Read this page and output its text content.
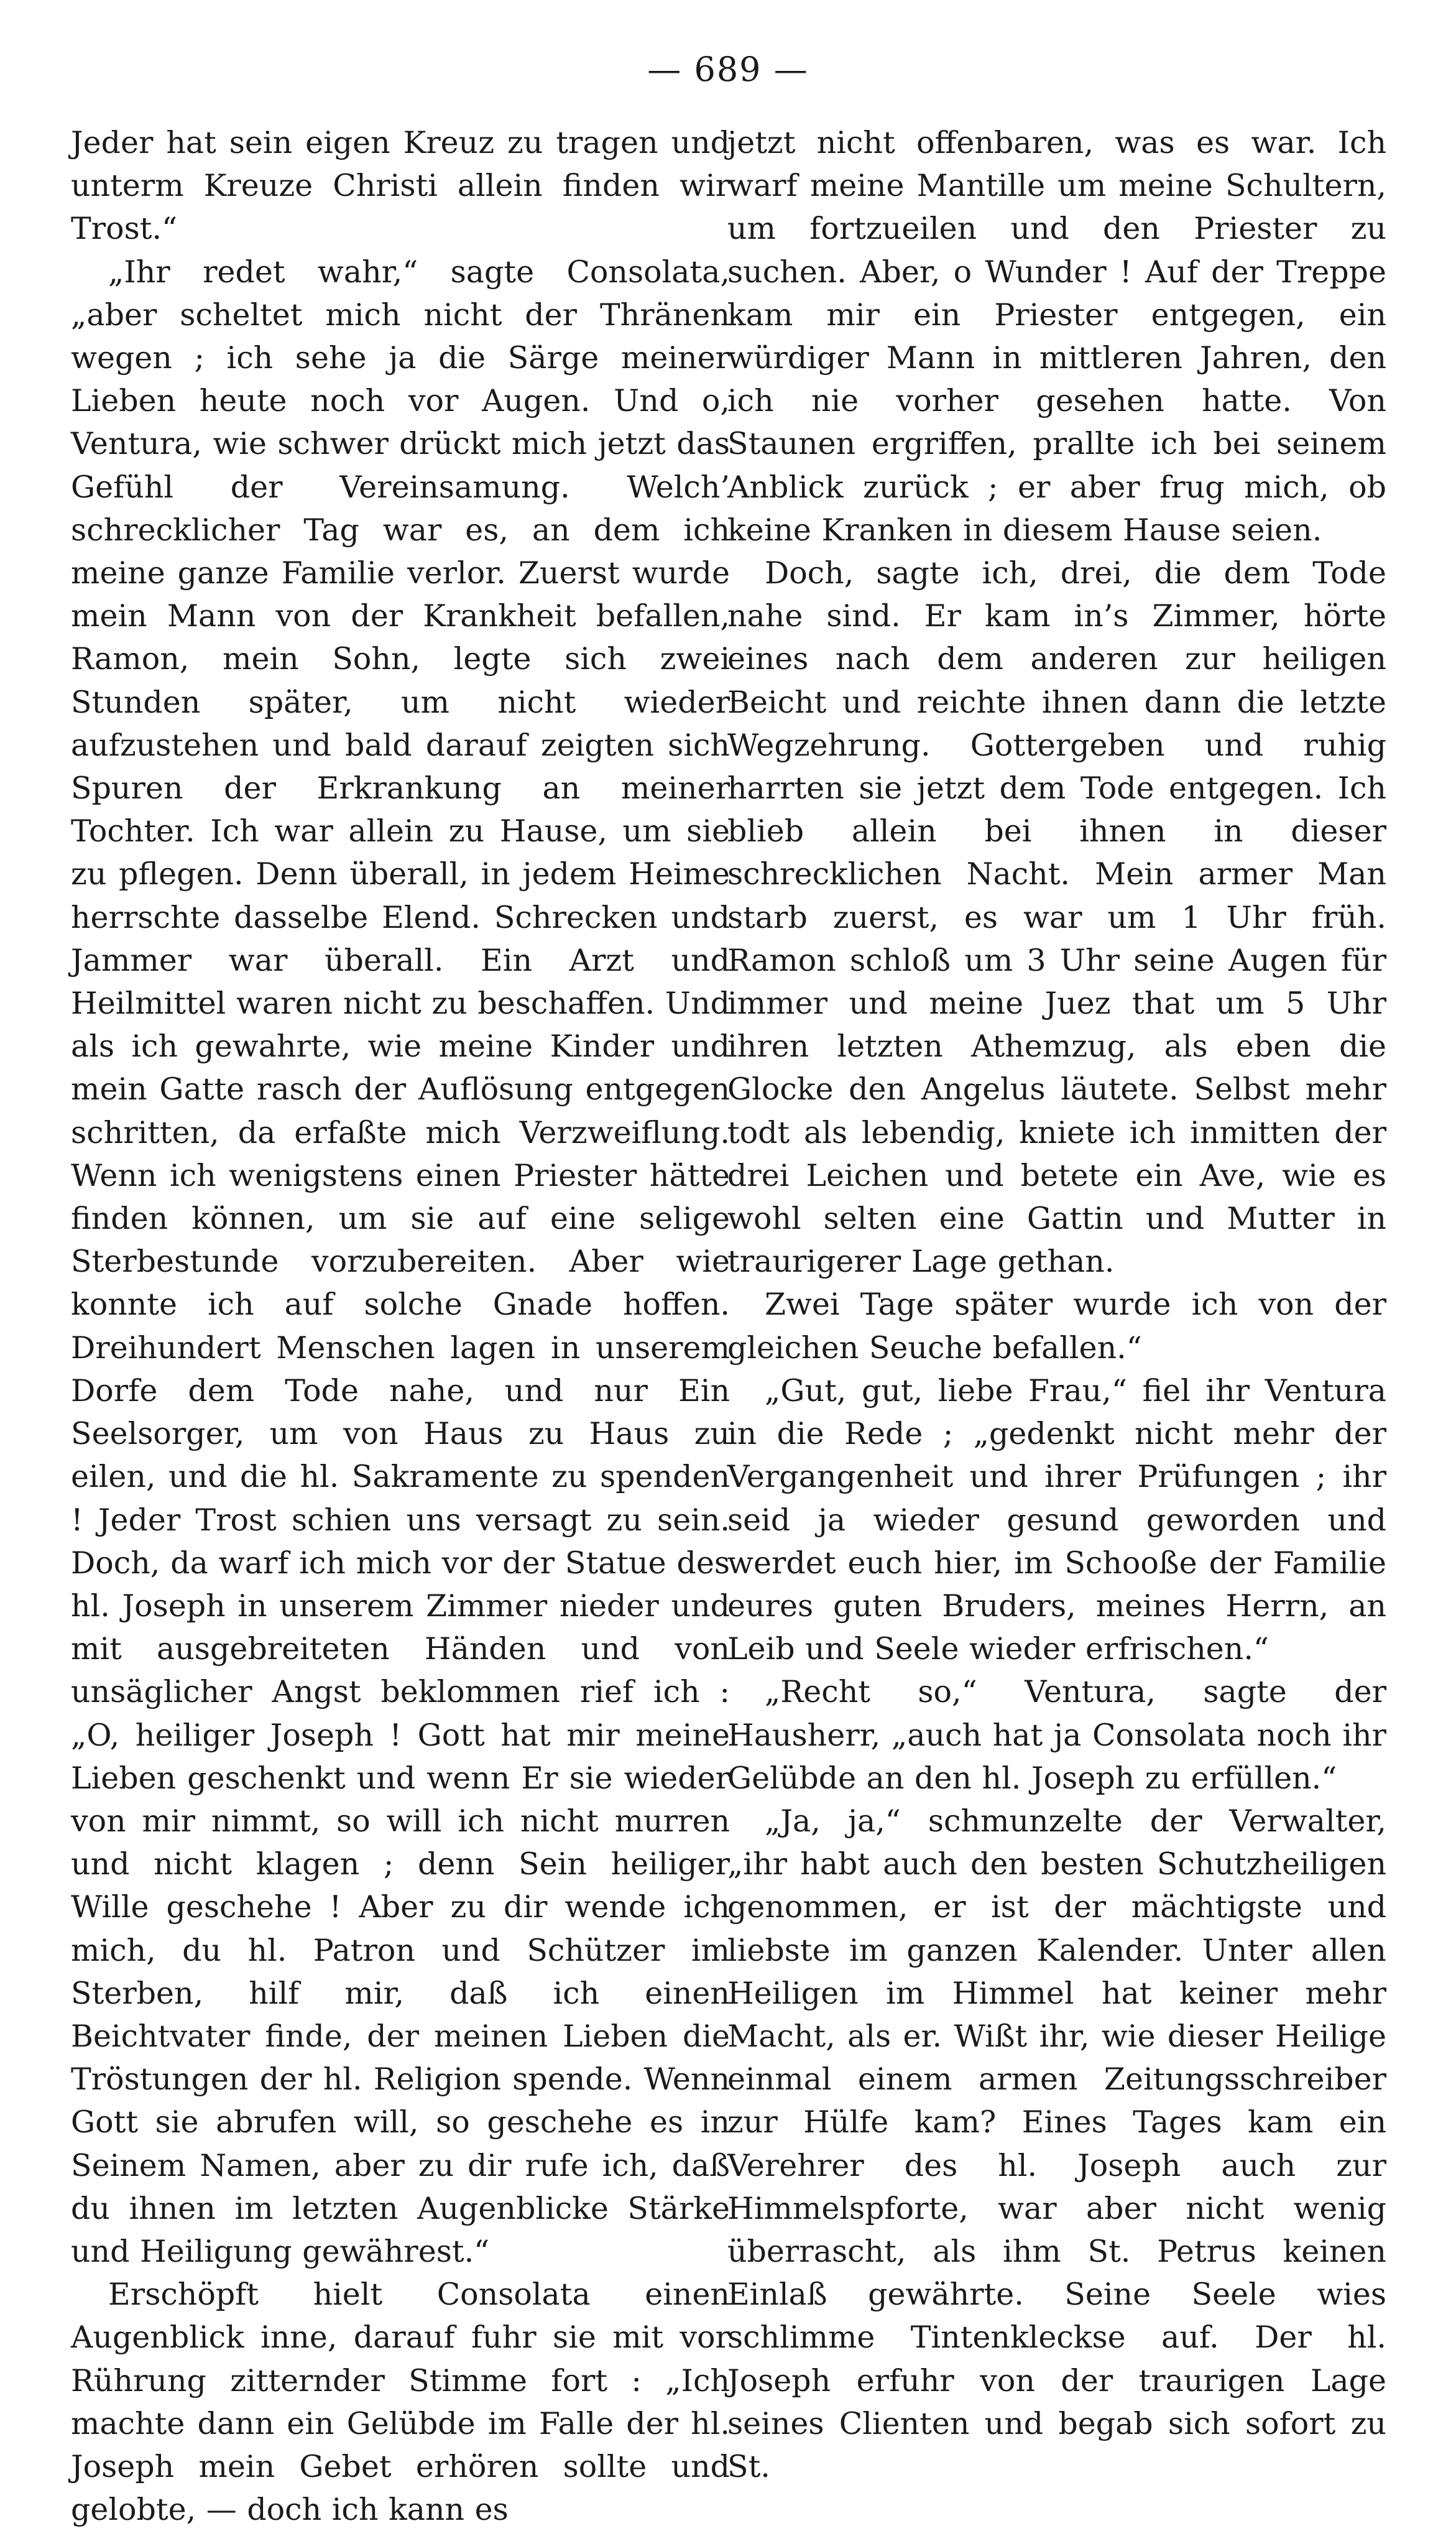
— 689 —

Jeder hat sein eigen Kreuz zu tragen und unterm Kreuze Christi allein finden wir Trost.“

„Ihr redet wahr,“ sagte Consolata, „aber scheltet mich nicht der Thränen wegen ; ich sehe ja die Särge meiner Lieben heute noch vor Augen. Und o, Ventura, wie schwer drückt mich jetzt das Gefühl der Vereinsamung. Welch’ schrecklicher Tag war es, an dem ich meine ganze Familie verlor. Zuerst wurde mein Mann von der Krankheit befallen, Ramon, mein Sohn, legte sich zwei Stunden später, um nicht wieder aufzustehen und bald darauf zeigten sich Spuren der Erkrankung an meiner Tochter. Ich war allein zu Hause, um sie zu pflegen. Denn überall, in jedem Heime herrschte dasselbe Elend. Schrecken und Jammer war überall. Ein Arzt und Heilmittel waren nicht zu beschaffen. Und als ich gewahrte, wie meine Kinder und mein Gatte rasch der Auflösung entgegen schritten, da erfaßte mich Verzweiflung. Wenn ich wenigstens einen Priester hätte finden können, um sie auf eine selige Sterbestunde vorzubereiten. Aber wie konnte ich auf solche Gnade hoffen. Dreihundert Menschen lagen in unserem Dorfe dem Tode nahe, und nur Ein Seelsorger, um von Haus zu Haus zu eilen, und die hl. Sakramente zu spenden ! Jeder Trost schien uns versagt zu sein. Doch, da warf ich mich vor der Statue des hl. Joseph in unserem Zimmer nieder und mit ausgebreiteten Händen und von unsäglicher Angst beklommen rief ich : „O, heiliger Joseph ! Gott hat mir meine Lieben geschenkt und wenn Er sie wieder von mir nimmt, so will ich nicht murren und nicht klagen ; denn Sein heiliger Wille geschehe ! Aber zu dir wende ich mich, du hl. Patron und Schützer im Sterben, hilf mir, daß ich einen Beichtvater finde, der meinen Lieben die Tröstungen der hl. Religion spende. Wenn Gott sie abrufen will, so geschehe es in Seinem Namen, aber zu dir rufe ich, daß du ihnen im letzten Augenblicke Stärke und Heiligung gewährest.“

Erschöpft hielt Consolata einen Augenblick inne, darauf fuhr sie mit vor Rührung zitternder Stimme fort : „Ich machte dann ein Gelübde im Falle der hl. Joseph mein Gebet erhören sollte und gelobte, — doch ich kann es

jetzt nicht offenbaren, was es war. Ich warf meine Mantille um meine Schultern, um fortzueilen und den Priester zu suchen. Aber, o Wunder ! Auf der Treppe kam mir ein Priester entgegen, ein würdiger Mann in mittleren Jahren, den ich nie vorher gesehen hatte. Von Staunen ergriffen, prallte ich bei seinem Anblick zurück ; er aber frug mich, ob keine Kranken in diesem Hause seien.

Doch, sagte ich, drei, die dem Tode nahe sind. Er kam in’s Zimmer, hörte eines nach dem anderen zur heiligen Beicht und reichte ihnen dann die letzte Wegzehrung. Gottergeben und ruhig harrten sie jetzt dem Tode entgegen. Ich blieb allein bei ihnen in dieser schrecklichen Nacht. Mein armer Man starb zuerst, es war um 1 Uhr früh. Ramon schloß um 3 Uhr seine Augen für immer und meine Juez that um 5 Uhr ihren letzten Athemzug, als eben die Glocke den Angelus läutete. Selbst mehr todt als lebendig, kniete ich inmitten der drei Leichen und betete ein Ave, wie es wohl selten eine Gattin und Mutter in traurigerer Lage gethan.

Zwei Tage später wurde ich von der gleichen Seuche befallen.“

„Gut, gut, liebe Frau,“ fiel ihr Ventura in die Rede ; „gedenkt nicht mehr der Vergangenheit und ihrer Prüfungen ; ihr seid ja wieder gesund geworden und werdet euch hier, im Schooße der Familie eures guten Bruders, meines Herrn, an Leib und Seele wieder erfrischen.“

„Recht so,“ Ventura, sagte der Hausherr, „auch hat ja Consolata noch ihr Gelübde an den hl. Joseph zu erfüllen.“

„Ja, ja,“ schmunzelte der Verwalter, „ihr habt auch den besten Schutzheiligen genommen, er ist der mächtigste und liebste im ganzen Kalender. Unter allen Heiligen im Himmel hat keiner mehr Macht, als er. Wißt ihr, wie dieser Heilige einmal einem armen Zeitungsschreiber zur Hülfe kam? Eines Tages kam ein Verehrer des hl. Joseph auch zur Himmelspforte, war aber nicht wenig überrascht, als ihm St. Petrus keinen Einlaß gewährte. Seine Seele wies schlimme Tintenkleckse auf. Der hl. Joseph erfuhr von der traurigen Lage seines Clienten und begab sich sofort zu St.
